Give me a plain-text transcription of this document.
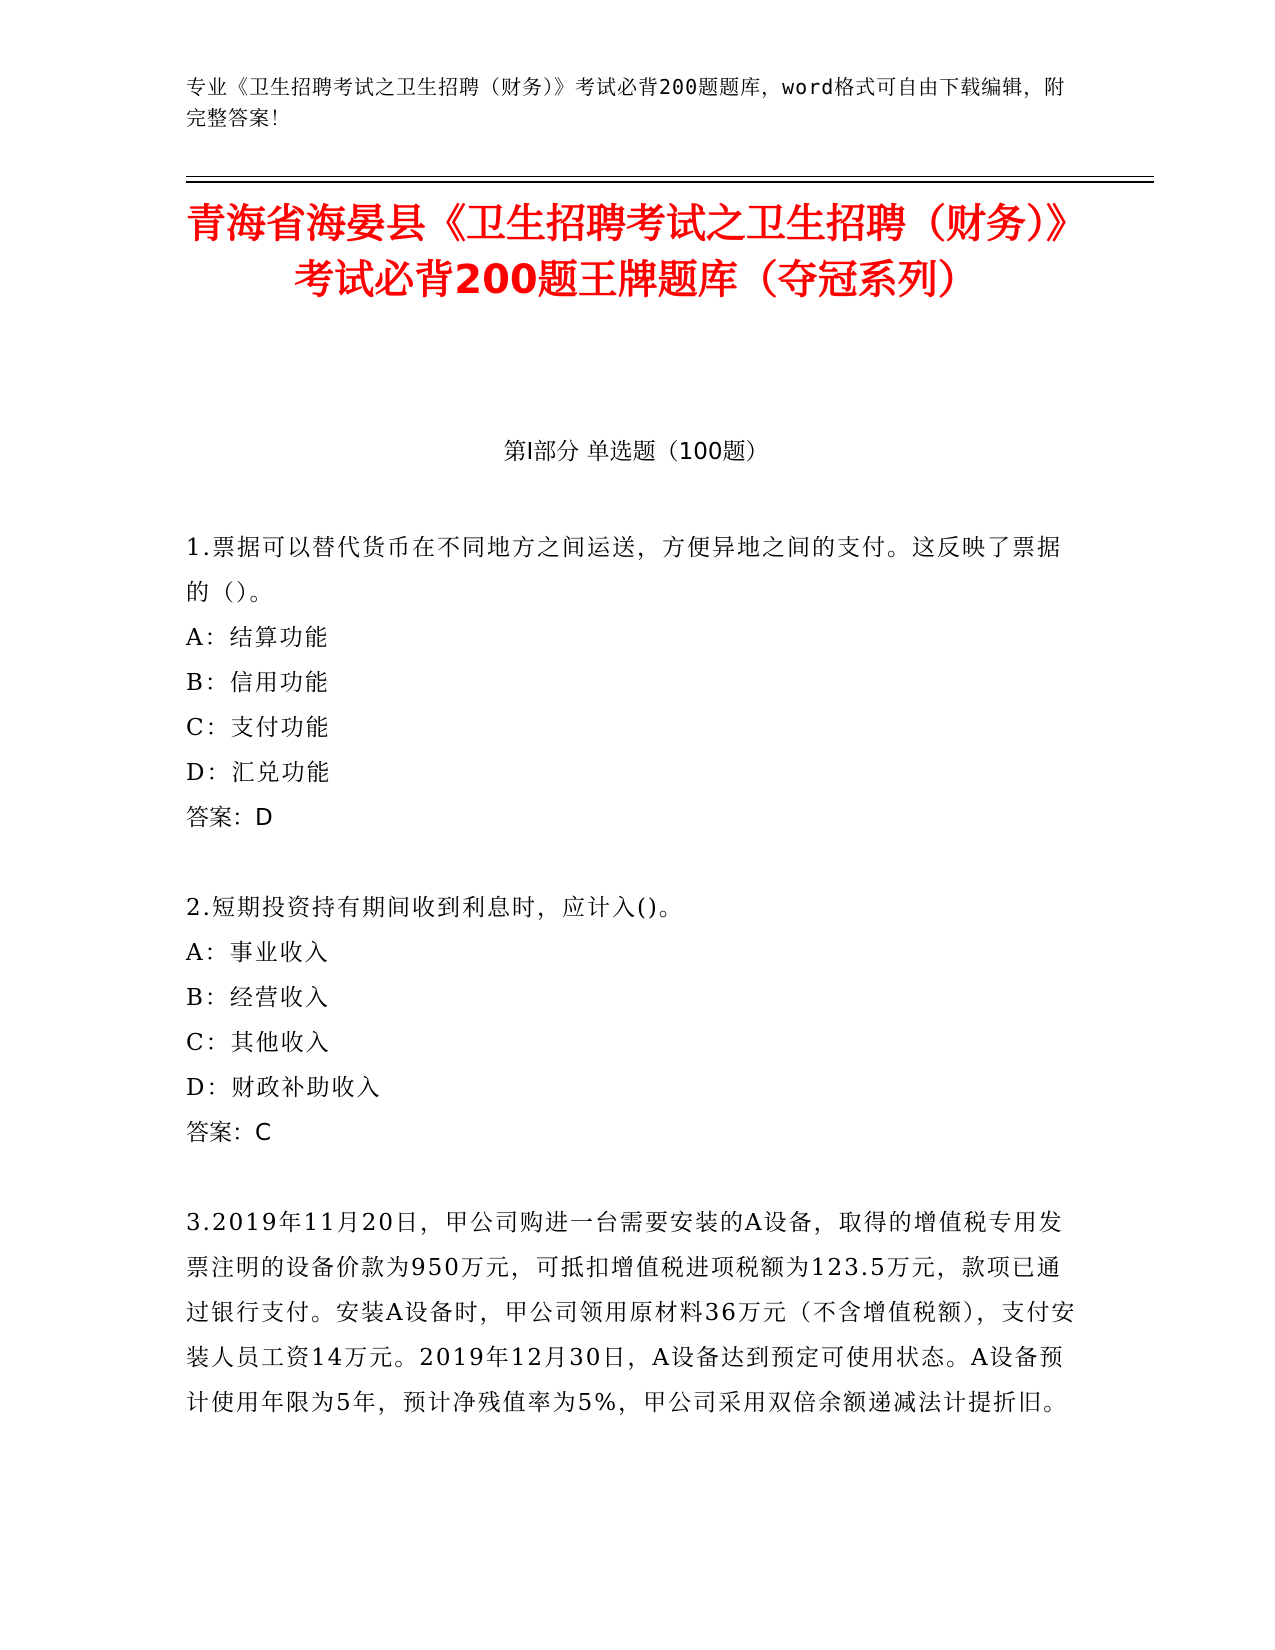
专业《卫生招聘考试之卫生招聘（财务）》考试必背200题题库，word格式可自由下载编辑，附完整答案！
青海省海晏县《卫生招聘考试之卫生招聘（财务）》考试必背200题王牌题库（夺冠系列）
第I部分 单选题（100题）

1.票据可以替代货币在不同地方之间运送，方便异地之间的支付。这反映了票据的（）。

A：结算功能

B：信用功能

C：支付功能

D：汇兑功能

答案：D

2.短期投资持有期间收到利息时，应计入()。

A：事业收入

B：经营收入

C：其他收入

D：财政补助收入

答案：C

3.2019年11月20日，甲公司购进一台需要安装的A设备，取得的增值税专用发票注明的设备价款为950万元，可抵扣增值税进项税额为123.5万元，款项已通过银行支付。安装A设备时，甲公司领用原材料36万元（不含增值税额），支付安装人员工资14万元。2019年12月30日，A设备达到预定可使用状态。A设备预计使用年限为5年，预计净残值率为5%，甲公司采用双倍余额递减法计提折旧。
